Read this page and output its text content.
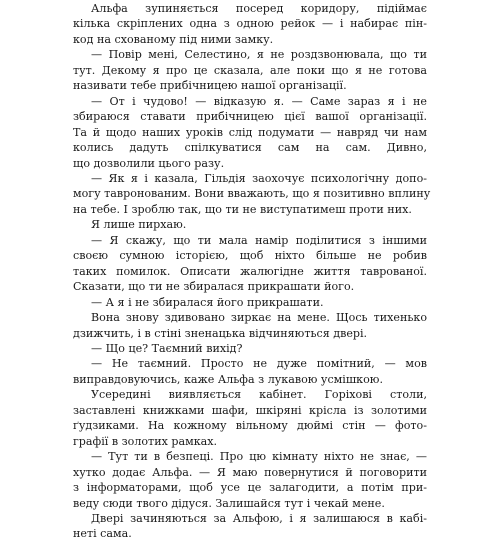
Альфа зупиняється посеред коридору, підіймає
кілька скріплених одна з одною рейок — і набирає пін-
код на схованому під ними замку.
— Повір мені, Селестино, я не роздзвонювала, що ти
тут. Декому я про це сказала, але поки що я не готова
називати тебе прибічницею нашої організації.
— От і чудово! — відказую я. — Саме зараз я і не
збираюся ставати прибічницею цієї вашої організації.
Та й щодо наших уроків слід подумати — навряд чи нам
колись дадуть спілкуватися сам на сам. Дивно,
що дозволили цього разу.
— Як я і казала, Гільдія заохочує психологічну допо-
могу тавронованим. Вони вважають, що я позитивно вплину
на тебе. І зроблю так, що ти не виступатимеш проти них.
Я лише пирхаю.
— Я скажу, що ти мала намір поділитися з іншими
своєю сумною історією, щоб ніхто більше не робив
таких помилок. Описати жалюгідне життя таврованої.
Сказати, що ти не збиралася прикрашати його.
— А я і не збиралася його прикрашати.
Вона знову здивовано зиркає на мене. Щось тихенько
дзижчить, і в стіні зненацька відчиняються двері.
— Що це? Таємний вихід?
— Не таємний. Просто не дуже помітний, — мов
виправдовуючись, каже Альфа з лукавою усмішкою.
Усередині виявляється кабінет. Горіхові столи,
заставлені книжками шафи, шкіряні крісла із золотими
ґудзиками. На кожному вільному дюймі стін — фото-
графії в золотих рамках.
— Тут ти в безпеці. Про цю кімнату ніхто не знає, —
хутко додає Альфа. — Я маю повернутися й поговорити
з інформаторами, щоб усе це залагодити, а потім при-
веду сюди твого дідуся. Залишайся тут і чекай мене.
Двері зачиняються за Альфою, і я залишаюся в кабі-
неті сама.
